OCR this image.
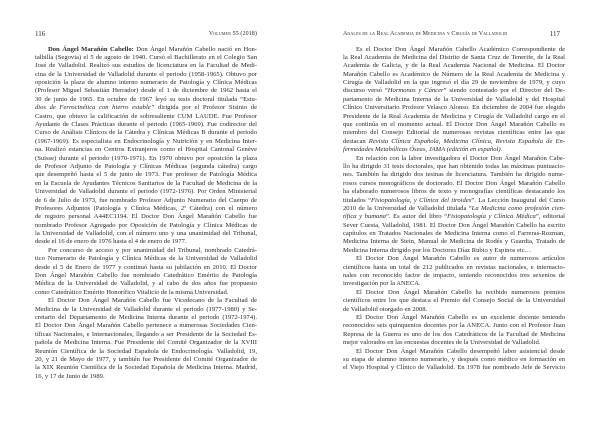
116	Volumen 55 (2018)
Don Ángel Marañón Cabello: Don Ángel Marañón Cabello nació en Hon-
talbilla (Segovia) el 5 de agosto de 1940. Cursó el Bachillerato en el Colegio San
José de Valladolid. Realizó sus estudios de licenciatura en la Facultad de Medi-
cina de la Universidad de Valladolid durante el periodo (1958-1965). Obtuvo por
oposición la plaza de alumno interno numerario de Patología y Clínica Médicas
(Profesor Miguel Sebastián Herrador) desde el 1 de diciembre de 1962 hasta el
30 de junio de 1965. En octubre de 1967 leyó su tesis doctoral titulada “Estu-
dios de Ferrocinética con hierro estable” dirigida por el Profesor Sisinio de
Castro, que obtuvo la calificación de sobresaliente CUM LAUDE. Fue Profesor
Ayudante de Clases Prácticas durante el periodo (1965-1969). Fue codirector del
Curso de Análisis Clínicos de la Cátedra y Clínicas Médicas B durante el periodo
(1967-1969). Es especialista en Endocrinología y Nutrición y en Medicina Inter-
na. Realizó estancias en Centros Extranjeros como el Hospital Cantonal Genève
(Suisse) durante el periodo (1970-1971). En 1970 obtuvo por oposición la plaza
de Profesor Adjunto de Patología y Clínicas Médicas (segunda cátedra) cargo
que desempeñó hasta el 5 de junio de 1973. Fue profesor de Patología Médica
en la Escuela de Ayudantes Técnicos Sanitarios de la Facultad de Medicina de la
Universidad de Valladolid durante el periodo (1972-1976). Por Orden Ministerial
de 6 de Julio de 1973, fue nombrado Profesor Adjunto Numerario del Cuerpo de
Profesores Adjuntos (Patología y Clínica Médicas, 2ª Cátedra) con el número
de registro personal A44EC1194. El Doctor Don Ángel Marañón Cabello fue
nombrado Profesor Agregado por Oposición de Patología y Clínica Médicas de
la Universidad de Valladolid, con el número uno y una unanimidad del Tribunal,
desde el 16 de enero de 1976 hasta el 4 de enero de 1977.
Por concurso de acceso y por unanimidad del Tribunal, nombrado Catedrá-
tico Numerario de Patología y Clínica Médicas de la Universidad de Valladolid
desde el 5 de Enero de 1977 y continuó hasta su jubilación en 2010. El Doctor
Don Ángel Marañón Cabello fue nombrado Catedrático Emérito de Patología
Médica de la Universidad de Valladolid, y al cabo de dos años fue propuesto
como Catedrático Emérito Honorífico Vitalicio de la misma Universidad.
El Doctor Don Ángel Marañón Cabello fue Vicedecano de la Facultad de
Medicina de la Universidad de Valladolid durante el periodo (1977-1980) y Se-
cretario del Departamento de Medicina Interna durante el periodo (1972-1974).
El Doctor Don Ángel Marañón Cabello pertenece a numerosas Sociedades Cien-
tíficas Nacionales, e Internacionales, llegando a ser Presidente de la Sociedad Es-
pañola de Medicina Interna. Fue Presidente del Comité Organizador de la XVIII
Reunión Científica de la Sociedad Española de Endocrinología. Valladolid, 19,
20, y 21 de Mayo de 1977, y también fue Presidente del Comité Organizador de
la XIX Reunión Científica de la Sociedad Española de Medicina Interna. Madrid,
16, y 17 de Junio de 1989.
Anales de la Real Academia de Medicina y Cirugía de Valladolid	117
Es el Doctor Don Ángel Marañón Cabello Académico Correspondiente de
la Real Academia de Medicina del Distrito de Santa Cruz de Tenerife, de la Real
Academia de Galicia, y de la Real Academia Nacional de Medicina. El Doctor
Marañón Cabello es Académico de Número de la Real Academia de Medicina y
Cirugía de Valladolid en la que ingresó el día 29 de noviembre de 1979, y cuyo
discurso versó “Hormonas y Cáncer” siendo contestado por el Director del De-
partamento de Medicina Interna de la Universidad de Valladolid y del Hospital
Clínico Universitario Profesor Velasco Alonso. En diciembre de 2004 fue elegido
Presidente de la Real Academia de Medicina y Cirugía de Valladolid cargo en el
que continúa en el momento actual. El Doctor Don Ángel Marañón Cabello es
miembro del Consejo Editorial de numerosas revistas científicas entre las que
destacan Revista Clínica Española, Medicina Clínica, Revista Española de En-
fermedades Metabólicas Óseas, JAMA (edición en español).
En relación con la labor investigadora el Doctor Don Ángel Marañón Cabe-
llo ha dirigido 31 tesis doctorales, que han obtenido todas las máximas puntuacio-
nes. También ha dirigido dos tesinas de licenciatura. También ha dirigido nume-
rosos cursos monográficos de doctorado. El Doctor Don Ángel Marañón Cabello
ha elaborado numerosos libros de texto y monografías científicas destacando los
titulados “Fisiopatología, y Clínica del tiroides”. La Lección Inaugural del Curso
2010 de la Universidad de Valladolid titulada “La Medicina como profesión cien-
tífica y humana”. Es autor del libro “Fisiopatología y Clínica Médica”, editorial
Sever Cuesta, Valladolid, 1981. El Doctor Don Ángel Marañón Cabello ha escrito
capítulos en Tratados Nacionales de Medicina Interna como el Farreras-Rozman,
Medicina Interna de Stein, Manual de Medicina de Rodés y Guardia, Tratado de
Medicina Interna dirigido por los Doctores Díaz Rubio y Espinos etc…
El Doctor Don Ángel Marañón Cabello es autor de numerosos artículos
científicos hasta un total de 212 publicados en revistas nacionales, e internacio-
nales con reconocido factor de impacto, teniendo reconocidos tres sexenios de
investigación por la ANECA.
El Doctor Don Ángel Marañón Cabello ha recibido numerosos premios
científicos entre los que destaca el Premio del Consejo Social de la Universidad
de Valladolid otorgado en 2008.
El Doctor Don Ángel Marañón Cabello es un excelente docente teniendo
reconocidos seis quinquenios docentes por la ANECA. Junto con el Profesor Juan
Represa de la Guerra es uno de los dos Catedráticos de la Facultad de Medicina
mejor valorados en las encuestas docentes de la Universidad de Valladolid.
El Doctor Don Ángel Marañón Cabello desempeñó labor asistencial desde
su etapa de alumno interno numerario, y después como médico en formación en
el Viejo Hospital y Clínico de Valladolid. En 1978 fue nombrado Jefe de Servicio
